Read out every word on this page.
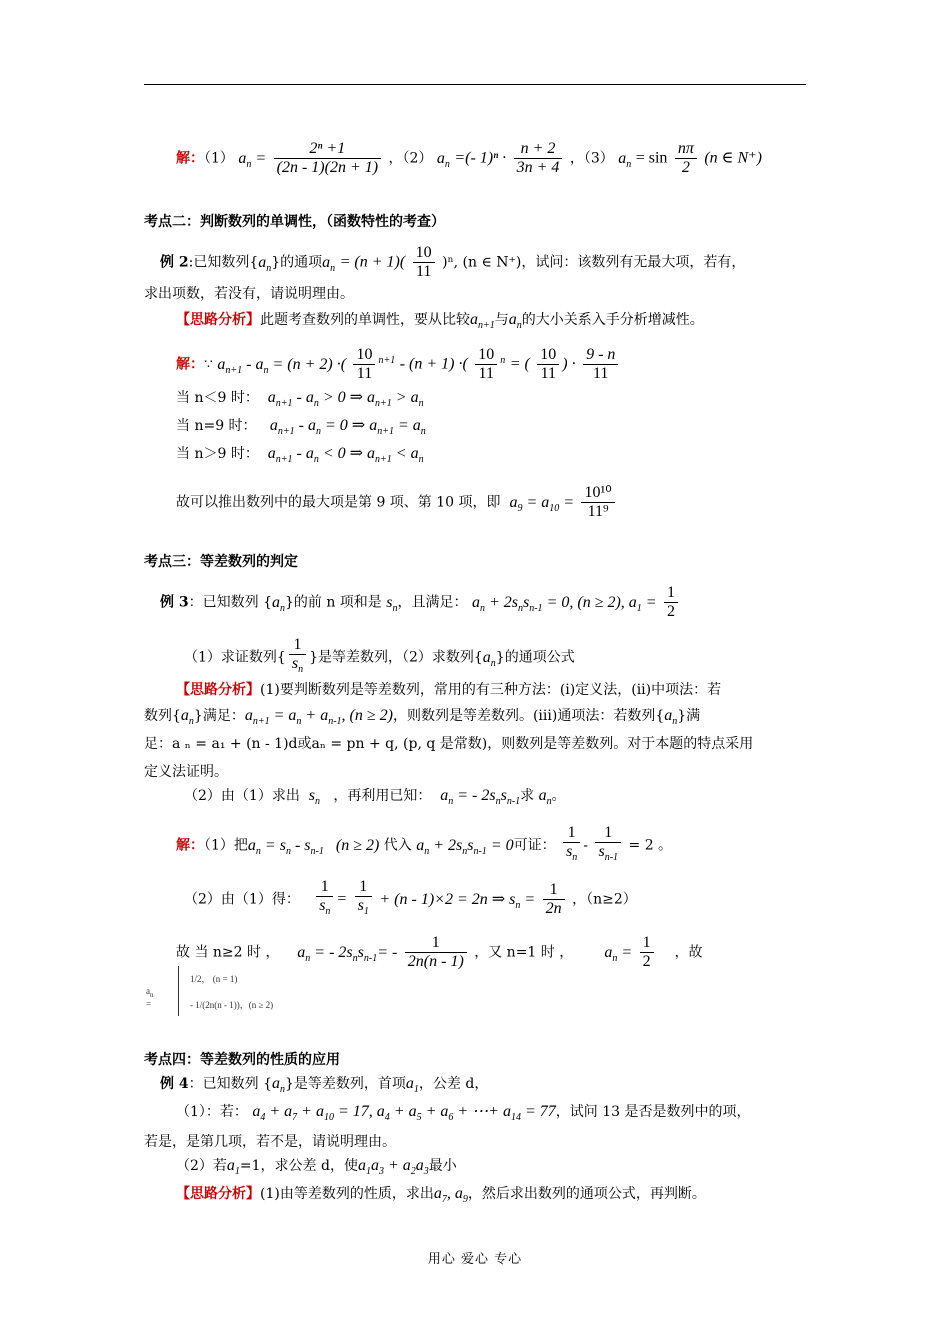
解：（1） $a_n = \frac{\text{2ⁿ +1}}{(2n - 1)(2n + 1)}$ ，（2） $a_n$ =(- $1)^n \cdot \frac{n + 2}{3n + 4}$ ，（3） $a_n = \sin \frac{n\pi}{2} (n$ ∈ N⁺)
考点二：判断数列的单调性，（函数特性的考查）
例 2:已知数列$\{a_n\}$的通项$a_n = (n + 1)( \frac{10}{11} )^n$, (n ∈ N⁺)，试问：该数列有无最大项，若有，
求出项数，若没有，请说明理由。
【思路分析】此题考查数列的单调性，要从比较$a_{n+1}$与$a_n$的大小关系入手分析增减性。
解：∵ $a_{n+1} - a_n = (n + 2)$ ·( $\frac{10}{11} ^{n+1} - (n + 1)$ ·( $\frac{10}{11} ^n$ = ( $\frac{10}{11}$ ) · $\frac{9 - n}{11}$
当 n＜9 时： $a_{n+1} - a_n > 0$ ⇒ $a_{n+1} > a_n$
当 n=9 时： $a_{n+1} - a_n = 0$ ⇒ $a_{n+1} = a_n$
当 n＞9 时： $a_{n+1} - a_n < 0$ ⇒ $a_{n+1} < a_n$
故可以推出数列中的最大项是第 9 项、第 10 项，即 $a_9 = a_{10} = \frac{\text{10¹⁰}}{\text{11⁹}}$
考点三：等差数列的判定
例 3：已知数列 $\{a_n\}$的前 n 项和是 $s_n$，且满足： $a_n + 2s_ns_{n-1} = 0$, (n ≥ 2), $a_1 = \frac{1}{2}$
（1）求证数列{ $\frac{1}{s_n}$ }是等差数列，（2）求数列$\{a_n\}$的通项公式
【思路分析】(1)要判断数列是等差数列，常用的有三种方法：(i)定义法，(ii)中项法：若
数列$\{a_n\}$满足：$a_{n+1} = a_n + a_{n-1}$, (n ≥ 2)，则数列是等差数列。(iii)通项法：若数列$\{a_n\}$满
足：a ₙ = a₁ + (n - 1)d或aₙ = pn + q, (p, q 是常数)，则数列是等差数列。对于本题的特点采用
定义法证明。
（2）由（1）求出 $s_n$ ，再利用已知： $a_n$ = - $2s_ns_{n-1}$求 $a_n$。
解：（1）把$a_n = s_n - s_{n-1}$   (n ≥ 2) 代入 $a_n + 2s_ns_{n-1} = 0$可证： $\frac{1}{s_n} - \frac{1}{s_{n-1}} = 2$ 。
（2）由（1）得： $\frac{1}{s_n} = \frac{1}{s_1} + (n - 1)\times 2 = 2n$ ⇒ $s_n = \frac{1}{2n}$ ，（n≥2）
故 当 n≥2 时 ， $a_n$ = - $2s_ns_{n-1}= - \frac{1}{2n(n - 1)}$ ，又 n=1 时 ， $a_n = \frac{1}{2}$ ，故
$a_n$ =
1/2， (n = 1)
- 1/(2n(n - 1))，(n ≥ 2)
考点四：等差数列的性质的应用
例 4：已知数列 $\{a_n\}$是等差数列，首项$a_1$，公差 d，
（1）：若： $a_4 + a_7 + a_{10} = 17$, $a_4 + a_5 + a_6$ + ⋯+ $a_{14} = 77$，试问 13 是否是数列中的项，
若是，是第几项，若不是，请说明理由。
（2）若$a_1=1$，求公差 d，使$a_1a_3 + a_2a_3$最小
【思路分析】(1)由等差数列的性质，求出$a_7$, $a_9$，然后求出数列的通项公式，再判断。
用心 爱心 专心
